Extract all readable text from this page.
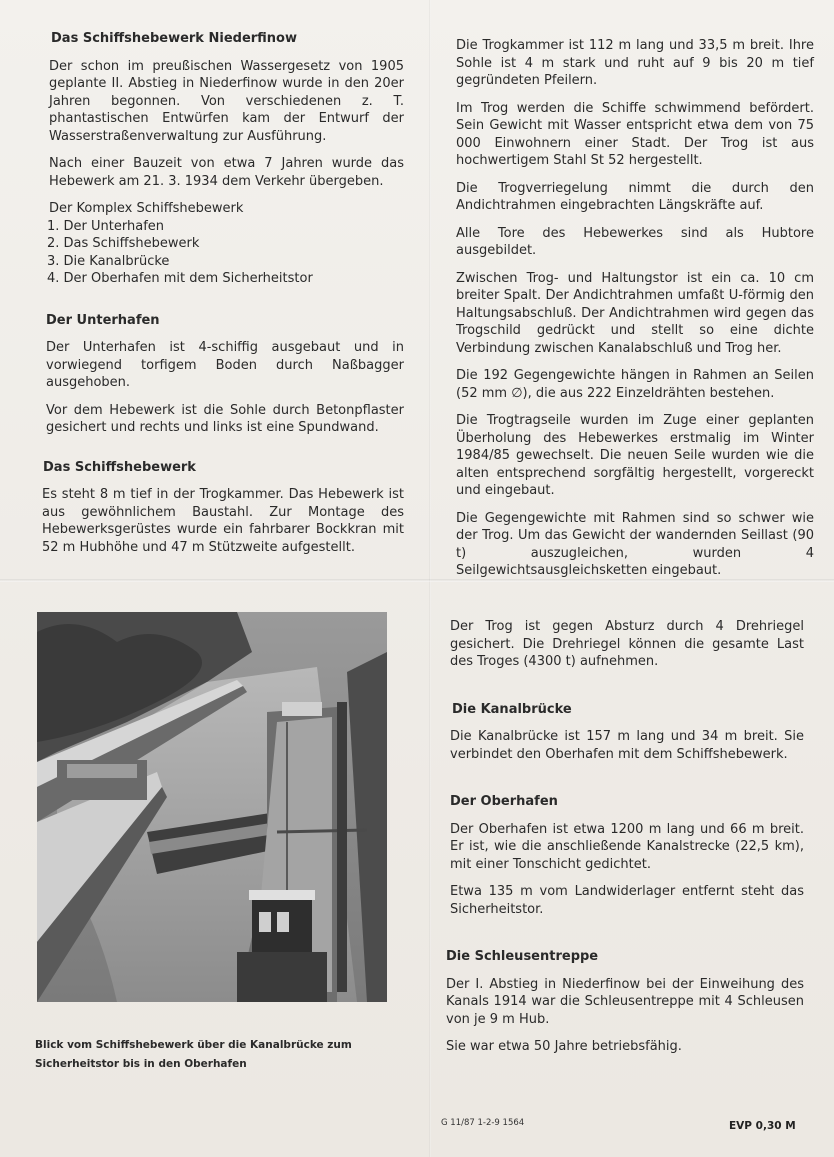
Das Schiffshebewerk Niederfinow

Der schon im preußischen Wassergesetz von 1905 geplante II. Abstieg in Niederfinow wurde in den 20er Jahren begonnen. Von verschiedenen z. T. phantastischen Entwürfen kam der Entwurf der Wasserstraßenverwaltung zur Ausführung.

Nach einer Bauzeit von etwa 7 Jahren wurde das Hebewerk am 21. 3. 1934 dem Verkehr übergeben.

Der Komplex Schiffshebewerk
1. Der Unterhafen
2. Das Schiffshebewerk
3. Die Kanalbrücke
4. Der Oberhafen mit dem Sicherheitstor
Der Unterhafen

Der Unterhafen ist 4-schiffig ausgebaut und in vorwiegend torfigem Boden durch Naßbagger ausgehoben.

Vor dem Hebewerk ist die Sohle durch Betonpflaster gesichert und rechts und links ist eine Spundwand.

Das Schiffshebewerk

Es steht 8 m tief in der Trogkammer. Das Hebewerk ist aus gewöhnlichem Baustahl. Zur Montage des Hebewerksgerüstes wurde ein fahrbarer Bockkran mit 52 m Hubhöhe und 47 m Stützweite aufgestellt.

Die Trogkammer ist 112 m lang und 33,5 m breit. Ihre Sohle ist 4 m stark und ruht auf 9 bis 20 m tief gegründeten Pfeilern.

Im Trog werden die Schiffe schwimmend befördert. Sein Gewicht mit Wasser entspricht etwa dem von 75 000 Einwohnern einer Stadt. Der Trog ist aus hochwertigem Stahl St 52 hergestellt.

Die Trogverriegelung nimmt die durch den Andichtrahmen eingebrachten Längskräfte auf.

Alle Tore des Hebewerkes sind als Hubtore ausgebildet.

Zwischen Trog- und Haltungstor ist ein ca. 10 cm breiter Spalt. Der Andichtrahmen umfaßt U-förmig den Haltungsabschluß. Der Andichtrahmen wird gegen das Trogschild gedrückt und stellt so eine dichte Verbindung zwischen Kanalabschluß und Trog her.

Die 192 Gegengewichte hängen in Rahmen an Seilen (52 mm ∅), die aus 222 Einzeldrähten bestehen.

Die Trogtragseile wurden im Zuge einer geplanten Überholung des Hebewerkes erstmalig im Winter 1984/85 gewechselt. Die neuen Seile wurden wie die alten entsprechend sorgfältig hergestellt, vorgereckt und eingebaut.

Die Gegengewichte mit Rahmen sind so schwer wie der Trog. Um das Gewicht der wandernden Seillast (90 t) auszugleichen, wurden 4 Seilgewichtsausgleichsketten eingebaut.

Blick vom Schiffshebewerk über die Kanalbrücke zum Sicherheitstor bis in den Oberhafen

Der Trog ist gegen Absturz durch 4 Drehriegel gesichert. Die Drehriegel können die gesamte Last des Troges (4300 t) aufnehmen.

Die Kanalbrücke

Die Kanalbrücke ist 157 m lang und 34 m breit. Sie verbindet den Oberhafen mit dem Schiffshebewerk.

Der Oberhafen

Der Oberhafen ist etwa 1200 m lang und 66 m breit. Er ist, wie die anschließende Kanalstrecke (22,5 km), mit einer Tonschicht gedichtet.

Etwa 135 m vom Landwiderlager entfernt steht das Sicherheitstor.

Die Schleusentreppe

Der I. Abstieg in Niederfinow bei der Einweihung des Kanals 1914 war die Schleusentreppe mit 4 Schleusen von je 9 m Hub.

Sie war etwa 50 Jahre betriebsfähig.

G 11/87 1-2-9 1564	EVP 0,30 M
